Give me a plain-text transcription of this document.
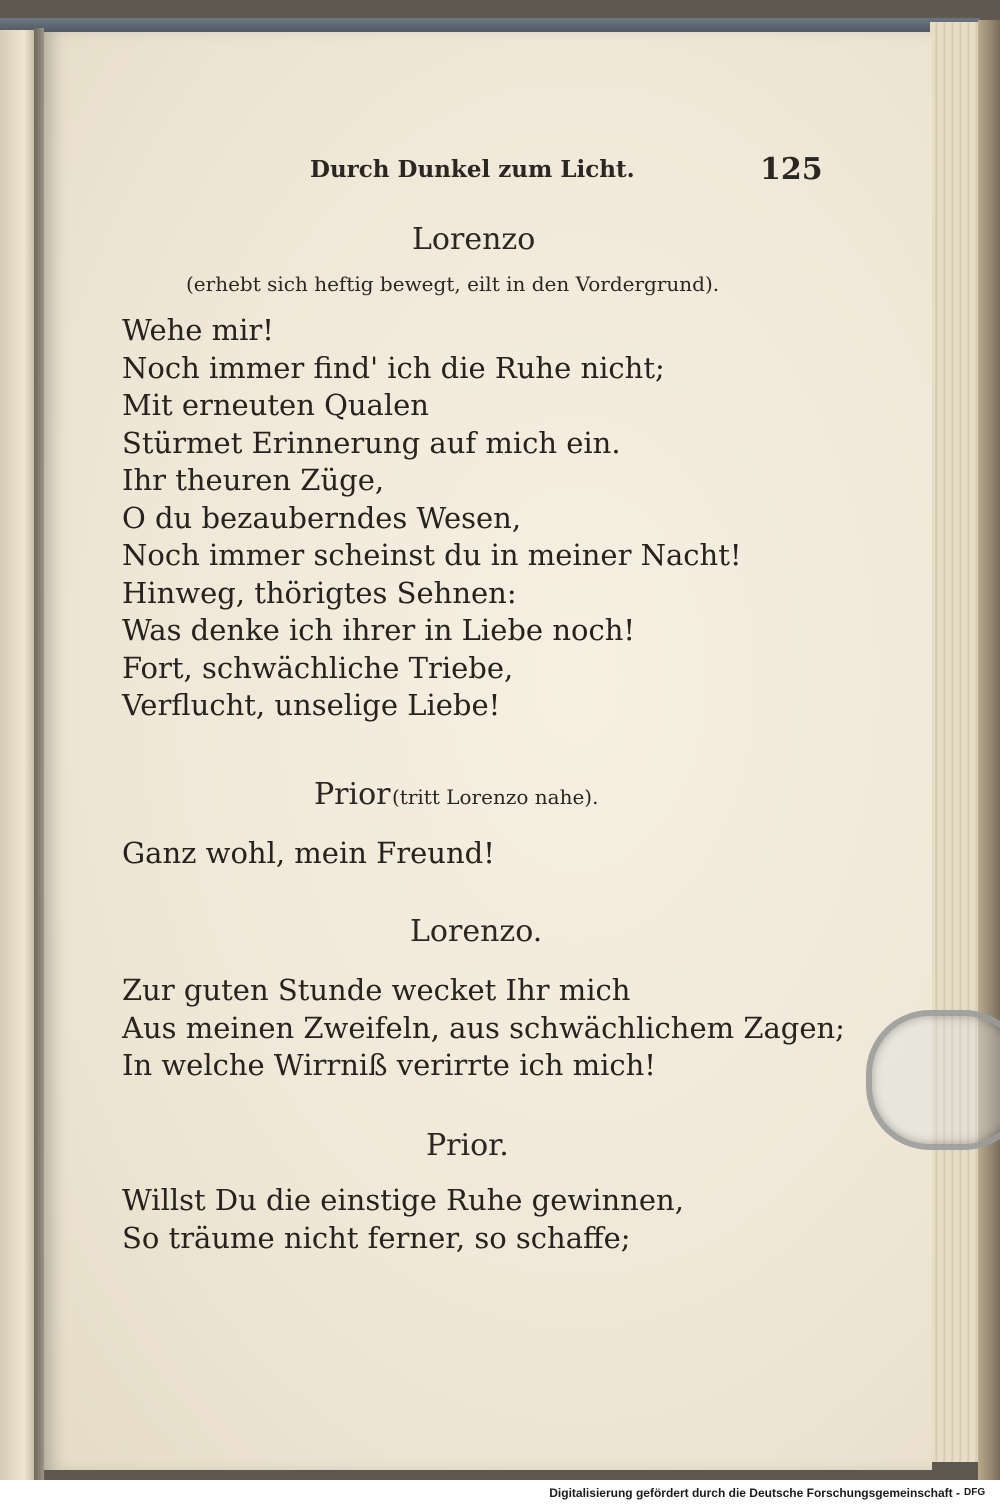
Durch Dunkel zum Licht.	125
Lorenzo
(erhebt sich heftig bewegt, eilt in den Vordergrund).
Wehe mir!
Noch immer find' ich die Ruhe nicht;
Mit erneuten Qualen
Stürmet Erinnerung auf mich ein.
Ihr theuren Züge,
O du bezauberndes Wesen,
Noch immer scheinst du in meiner Nacht!
Hinweg, thörigtes Sehnen:
Was denke ich ihrer in Liebe noch!
Fort, schwächliche Triebe,
Verflucht, unselige Liebe!
Prior (tritt Lorenzo nahe).
Ganz wohl, mein Freund!
Lorenzo.
Zur guten Stunde wecket Ihr mich
Aus meinen Zweifeln, aus schwächlichem Zagen;
In welche Wirrniß verirrte ich mich!
Prior.
Willst Du die einstige Ruhe gewinnen,
So träume nicht ferner, so schaffe;
Digitalisierung gefördert durch die Deutsche Forschungsgemeinschaft - DFG
